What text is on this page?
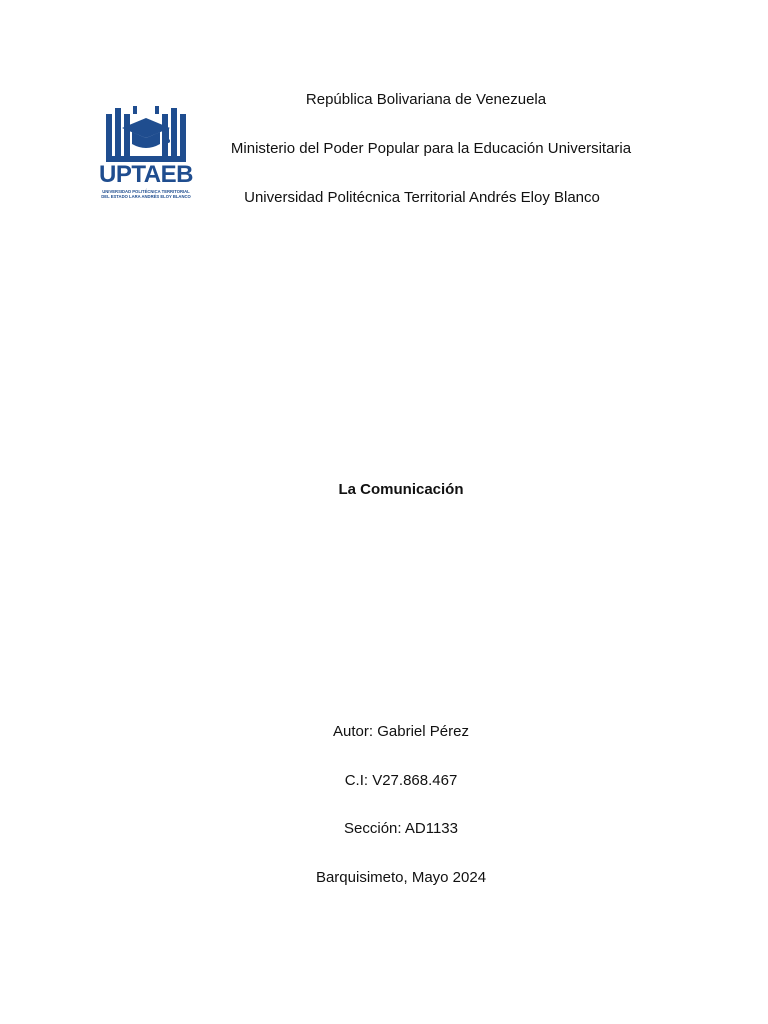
UPTAEB
UNIVERSIDAD POLITÉCNICA TERRITORIAL
DEL ESTADO LARA ANDRÉS ELOY BLANCO
República Bolivariana de Venezuela
Ministerio del Poder Popular para la Educación Universitaria
Universidad Politécnica Territorial Andrés Eloy Blanco
La Comunicación
Autor: Gabriel Pérez
C.I: V27.868.467
Sección: AD1133
Barquisimeto, Mayo 2024
